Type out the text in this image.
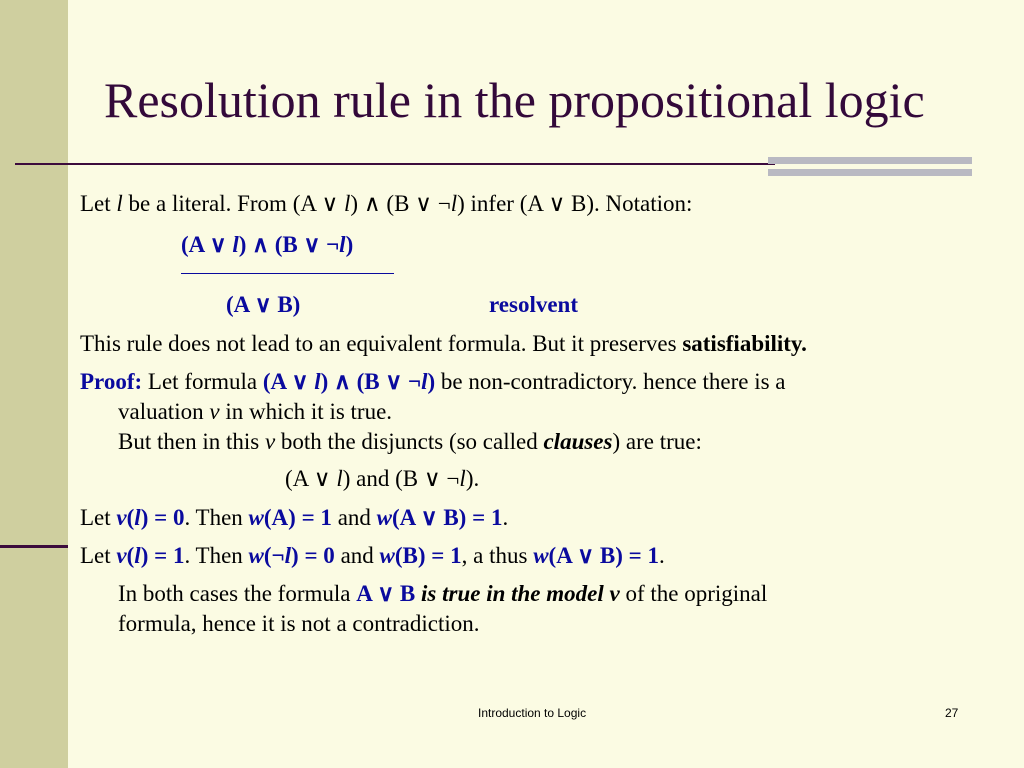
Resolution rule in the propositional logic
Let l be a literal. From (A ∨ l) ∧ (B ∨ ¬l) infer (A ∨ B). Notation:
(A ∨ l) ∧ (B ∨ ¬l)
(A ∨ B)	resolvent
This rule does not lead to an equivalent formula. But it preserves satisfiability.
Proof: Let formula (A ∨ l) ∧ (B ∨ ¬l) be non-contradictory. hence there is a
valuation v in which it is true.
But then in this v both the disjuncts (so called clauses) are true:
(A ∨ l) and (B ∨ ¬l).
Let v(l) = 0. Then w(A) = 1 and w(A ∨ B) = 1.
Let v(l) = 1. Then w(¬l) = 0 and w(B) = 1, a thus w(A ∨ B) = 1.
In both cases the formula A ∨ B is true in the model v of the opriginal
formula, hence it is not a contradiction.
Introduction to Logic	27
